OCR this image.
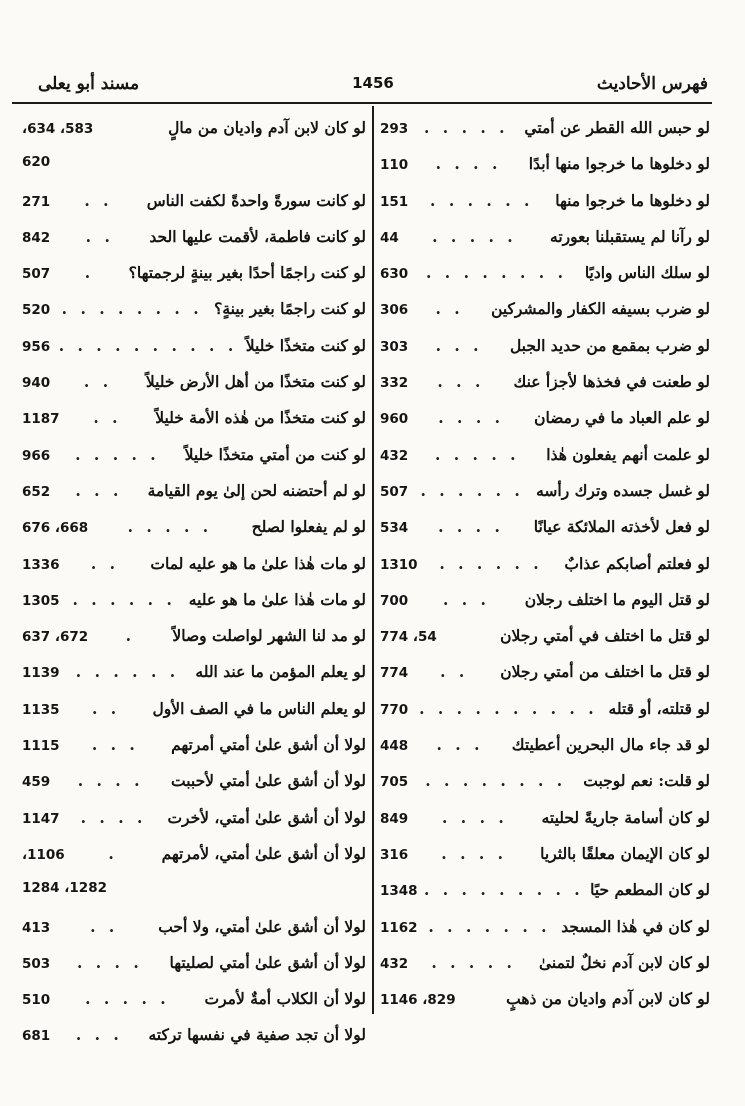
فهرس الأحاديث
1456
مسند أبو يعلى
لو حبس الله القطر عن أمتي
. . . . .
293
لو دخلوها ما خرجوا منها أبدًا
. . . .
110
لو دخلوها ما خرجوا منها
. . . . . .
151
لو رآنا لم يستقبلنا بعورته
. . . . .
44
لو سلك الناس واديًا
. . . . . . . .
630
لو ضرب بسيفه الكفار والمشركين
. .
306
لو ضرب بمقمع من حديد الجبل
. . .
303
لو طعنت في فخذها لأجزأ عنك
. . .
332
لو علم العباد ما في رمضان
. . . .
960
لو علمت أنهم يفعلون هٰذا
. . . . .
432
لو غسل جسده وترك رأسه
. . . . . .
507
لو فعل لأخذته الملائكة عيانًا
. . . .
534
لو فعلتم أصابكم عذابٌ
. . . . . .
1310
لو قتل اليوم ما اختلف رجلان
. . .
700
لو قتل ما اختلف في أمتي رجلان
774 ،54
لو قتل ما اختلف من أمتي رجلان
. .
774
لو قتلته، أو قتله
. . . . . . . . . .
770
لو قد جاء مال البحرين أعطيتك
. . .
448
لو قلت: نعم لوجبت
. . . . . . . .
705
لو كان أسامة جاريةً لحليته
. . . .
849
لو كان الإيمان معلقًا بالثريا
. . . .
316
لو كان المطعم حيًا
. . . . . . . . .
1348
لو كان في هٰذا المسجد
. . . . . . .
1162
لو كان لابن آدم نخلٌ لتمنىٰ
. . . . .
432
لو كان لابن آدم واديان من ذهبٍ
1146 ،829
لو كان لابن آدم واديان من مالٍ
،634 ،583
620
لو كانت سورةً واحدةً لكفت الناس
. .
271
لو كانت فاطمة، لأقمت عليها الحد
. .
842
لو كنت راجمًا أحدًا بغير بينةٍ لرجمتها؟
.
507
لو كنت راجمًا بغير بينةٍ؟
. . . . . . . .
520
لو كنت متخذًا خليلاً
. . . . . . . . . .
956
لو كنت متخذًا من أهل الأرض خليلاً
. .
940
لو كنت متخذًا من هٰذه الأمة خليلاً
. .
1187
لو كنت من أمتي متخذًا خليلاً
. . . . .
966
لو لم أحتضنه لحن إلىٰ يوم القيامة
. . .
652
لو لم يفعلوا لصلح
. . . . .
676 ،668
لو مات هٰذا علىٰ ما هو عليه لمات
. .
1336
لو مات هٰذا علىٰ ما هو عليه
. . . . . .
1305
لو مد لنا الشهر لواصلت وصالاً
.
637 ،672
لو يعلم المؤمن ما عند الله
. . . . . .
1139
لو يعلم الناس ما في الصف الأول
. .
1135
لولا أن أشق علىٰ أمتي أمرتهم
. . .
1115
لولا أن أشق علىٰ أمتي لأحببت
. . . .
459
لولا أن أشق علىٰ أمتي، لأخرت
. . . .
1147
لولا أن أشق علىٰ أمتي، لأمرتهم
.
،1106
1284 ،1282
لولا أن أشق علىٰ أمتي، ولا أحب
. .
413
لولا أن أشق علىٰ أمتي لصليتها
. . . .
503
لولا أن الكلاب أمةٌ لأمرت
. . . . .
510
لولا أن تجد صفية في نفسها تركته
. . .
681
